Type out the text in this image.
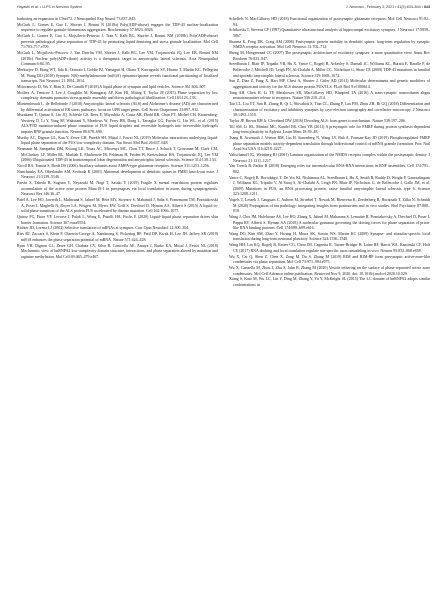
Hayashi et al. • LLPS in Nervous System	J. Neurosci., February 3, 2021 • 41(5):834–844 • 843

harboring an expansion in C9orf72. J Neuropathol Exp Neurol 73:837–845.

McGurk L, Gomes E, Guo L, Shorter J, Bonini N (2018a) Poly(ADP-ribose) engages the TDP-43 nuclear-localization sequence to regulate granulo-filamentous aggregation. Biochemistry 57:6923–6926.

McGurk L, Gomes E, Guo L, Mojsilovic-Petrovic J, Tran V, Kalb RG, Shorter J, Bonini NM (2018b) Poly(ADP-ribose) prevents pathological phase separation of TDP-43 by promoting liquid demixing and stress granule localization. Mol Cell 71:703–717.e709.

McGurk L, Mojsilovic-Petrovic J, Van Deerlin VM, Shorter J, Kalb RG, Lee VM, Trojanowski JQ, Lee EB, Bonini NM (2018c) Nuclear poly(ADP-ribose) activity is a therapeutic target in amyotrophic lateral sclerosis. Acta Neuropathol Commun 6:84–95.

Merkurjev D, Hong WT, Iida K, Oomoto I, Goldie BJ, Yamaguti H, Ohara T, Kawaguchi SY, Hirano T, Martin KC, Pellegrini M, Wang DO (2018) Synaptic N(6)-methyladenosine (m(6)A) epitranscriptome reveals functional partitioning of localized transcripts. Nat Neurosci 21:1004–1014.

Milovanovic D, Wu Y, Bian X, De Camilli P (2018) A liquid phase of synapsin and lipid vesicles. Science 361:604–607.

Molliex A, Temirov J, Lee J, Coughlin M, Kanagaraj AP, Kim HJ, Mittag T, Taylor JP (2015) Phase separation by low complexity domains promotes stress granule assembly and drives pathological fibrillization. Cell 163:123–133.

Montembeault L, de Bellefonde J (2018) Amyotrophic lateral sclerosis (ALS) and Alzheimer's disease (AD) are characterised by differential activation of ER stress pathways: focus on UPR target genes. Cell Stress Chaperones 23:897–912.

Murakami T, Qamar S, Lin JQ, Schierle GS, Rees E, Miyashita A, Costa AR, Dodd RB, Chan FT, Michel CH, Kronenberg-Versteeg D, Li Y, Yang SP, Wakutani Y, Meadows W, Ferry RR, Dong L, Tartaglia GG, Favrin G, Lin WL, et al. (2015) ALS/FTD mutation-induced phase transition of FUS liquid droplets and reversible hydrogels into irreversible hydrogels impairs RNP granule function. Neuron 88:678–690.

Murthy AC, Dignon GL, Kan Y, Zerze GH, Parekh SH, Mittal J, Fawzi NL (2019) Molecular interactions underlying liquid-liquid phase separation of the FUS low-complexity domain. Nat Struct Mol Biol 26:637–648.

Neumann M, Sampathu DM, Kwong LK, Truax AC, Micsenyi MC, Chou TT, Bruce J, Schuck T, Grossman M, Clark CM, McCluskey LF, Miller BL, Masliah E, Mackenzie IR, Feldman H, Feiden W, Kretzschmar HA, Trojanowski JQ, Lee VM (2006) Ubiquitinated TDP-43 in frontotemporal lobar degeneration and amyotrophic lateral sclerosis. Science 314:130–133.

Nicoll RA, Tomita S, Bredt DS (2006) Auxiliary subunits assist AMPA-type glutamate receptors. Science 311:1253–1256.

Nimchinsky EA, Oberlander AM, Svoboda K (2001) Abnormal development of dendritic spines in FMR1 knock-out mice. J Neurosci 21:5139–5146.

Parvin S, Takeda R, Sugiura Y, Neyazaki M, Nogi T, Sasaki Y (2019) Fragile X mental retardation protein regulates accumulation of the active zone protein Munc18-1 in presynapses via local translation in axons during synaptogenesis. Neurosci Res 146:36–47.

Patel A, Lee HO, Jawerth L, Maharana S, Jahnel M, Hein MY, Stoynov S, Mahamid J, Saha S, Franzmann TM, Pozniakovski A, Poser I, Maghelli N, Royer LA, Weigert M, Myers EW, Grill S, Drechsel D, Hyman AA, Alberti S (2015) A liquid-to-solid phase transition of the ALS protein FUS accelerated by disease mutation. Cell 162:1066–1077.

Quiroz FG, Fiore VF, Levorse J, Polak L, Wong E, Pasolli HA, Fuchs E (2020) Liquid-liquid phase separation drives skin barrier formation. Science 367:eaax9554.

Richter JD, Lorenz LJ (2002) Selective translation of mRNAs at synapses. Curr Opin Neurobiol 12:300–304.

Ries RJ, Zaccara S, Klein P, Olarerin-George A, Namkoong S, Pickering BF, Patil DP, Kwak H, Lee JH, Jaffrey SR (2019) m(6)A enhances the phase separation potential of mRNA. Nature 571:424–428.

Ryan VH, Dignon GL, Zerze GH, Chabata CV, Silva R, Conicella AE, Amaya J, Burke KA, Mittal J, Fawzi NL (2018) Mechanistic view of hnRNPA2 low-complexity domain structure, interactions, and phase separation altered by mutation and arginine methylation. Mol Cell 69:465–479.e467.

Scheffels N, MacGillavry HD (2018) Functional organization of postsynaptic glutamate receptors. Mol Cell Neurosci 91:82–94.

Schikorski T, Stevens CF (1997) Quantitative ultrastructural analysis of hippocampal excitatory synapses. J Neurosci 17:5858–5867.

Sharma K, Fong DK, Craig AM (2006) Postsynaptic protein mobility in dendritic spines: long-term regulation by synaptic NMDA receptor activation. Mol Cell Neurosci 31:702–712.

Sheng M, Hoogenraad CC (2007) The postsynaptic architecture of excitatory synapses: a more quantitative view. Annu Rev Biochem 76:823–847.

Sreedharan J, Blair IP, Tripathi VB, Hu X, Vance C, Rogelj B, Ackerley S, Durnall JC, Williams KL, Buratti E, Baralle F, de Belleroche J, Mitchell JD, Leigh PN, Al-Chalabi A, Miller CC, Nicholson G, Shaw CE (2008) TDP-43 mutations in familial and sporadic amyotrophic lateral sclerosis. Science 319:1668–1672.

Sun Z, Diaz Z, Fang X, Hart MP, Chesi A, Shorter J, Gitler AD (2011) Molecular determinants and genetic modifiers of aggregation and toxicity for the ALS disease protein FUS/TLS. PLoS Biol 9:e1000614.

Tang AH, Chen H, Li TP, Metzbower SR, MacGillavry HD, Blanpied TA (2016) A trans-synaptic nanocolumn aligns neurotransmitter release to receptors. Nature 536:210–214.

Tao CL, Liu YT, Sun R, Zhang B, Qi L, Shivakoti S, Tian CL, Zhang P, Lau PM, Zhou ZH, Bi GQ (2018) Differentiation and characterization of excitatory and inhibitory synapses by cryo-electron tomography and correlative microscopy. J Neurosci 38:1493–1510.

Taylor JP, Brown RH Jr, Cleveland DW (2016) Decoding ALS: from genes to mechanism. Nature 539:197–206.

Till SM, Li HL, Miniaci MC, Kandel ER, Choi YB (2011) A presynaptic role for FMRP during protein synthesis-dependent long-term plasticity in Aplysia. Learn Mem 18:39–48.

Tsang B, Arsenault J, Vernon RM, Lin H, Sonenberg N, Wang LY, Bah A, Forman-Kay JD (2019) Phosphoregulated FMRP phase separation models activity-dependent translation through bidirectional control of mRNA granule formation. Proc Natl Acad Sci USA 116:4218–4227.

Valtschanoff JG, Weinberg RJ (2001) Laminar organization of the NMDA receptor complex within the postsynaptic density. J Neurosci 21:1211–1217.

Van Treeck B, Parker R (2018) Emerging roles for intermolecular RNA-RNA interactions in RNP assemblies. Cell 174:791–802.

Vance C, Rogelj B, Hortobágyi T, De Vos KJ, Nishimura AL, Sreedharan J, Hu X, Smith B, Ruddy D, Wright P, Ganesalingam J, Williams KL, Tripathi V, Al-Saraj S, Al-Chalabi A, Leigh PN, Blair IP, Nicholson G, de Belleroche J, Gallo JM, et al. (2009) Mutations in FUS, an RNA processing protein, cause familial amyotrophic lateral sclerosis type 6. Science 323:1208–1211.

Vogels T, Leszek J, Gauguais C, Aubron M, Struebel T, Nowak M, Bienvenu K, Zeederberg B, Hornostik T, Zilka N, Schmidt M (2020) Propagation of tau pathology: integrating insights from postmortem and in vivo studies. Biol Psychiatry 87:808–818.

Wang J, Choi JM, Holehouse AS, Lee HO, Zhang X, Jahnel M, Maharana S, Lemaitre R, Pozniakovsky A, Drechsel D, Poser I, Pappu RV, Alberti S, Hyman AA (2018) A molecular grammar governing the driving forces for phase separation of prion-like RNA binding proteins. Cell 174:688–699.e616.

Wang DO, Kim SM, Zhao Y, Hwang H, Miura SK, Sossin WS, Martin KC (2009) Synapse- and stimulus-specific local translation during long-term neuronal plasticity. Science 324:1536–1540.

Wang HH, Lin KQ, Rogelj B, Reiser CG, Chou JM, Cagnetta R, Turner-Bridger B, Laine RF, Harris WA, Kaminski CF, Holt CE (2017) RNA docking and local translation regulate site-specific axon remodeling in vivo. Neuron 95:852–868.e858.

Wu X, Cai Q, Shen Z, Chen X, Zeng M, Du S, Zhang M (2019) RIM and RIM-BP form presynaptic active-zone-like condensates via phase separation. Mol Cell 73:971–984.e975.

Wu X, Ganzella M, Zhou J, Zhu S, Jahn R, Zhang M (2020) Vesicle tethering on the surface of phase-separated active zone condensates. Mol Cell Advance online publication. Retrieved Nov 9, 2020. doi: 10.1016/j.molcel.2020.10.029.

Xiang S, Kato M, Wu LC, Lin Y, Ding M, Zhang Y, Yu Y, McKnight SL (2015) The LC domain of hnRNPA2 adopts similar conformations in
